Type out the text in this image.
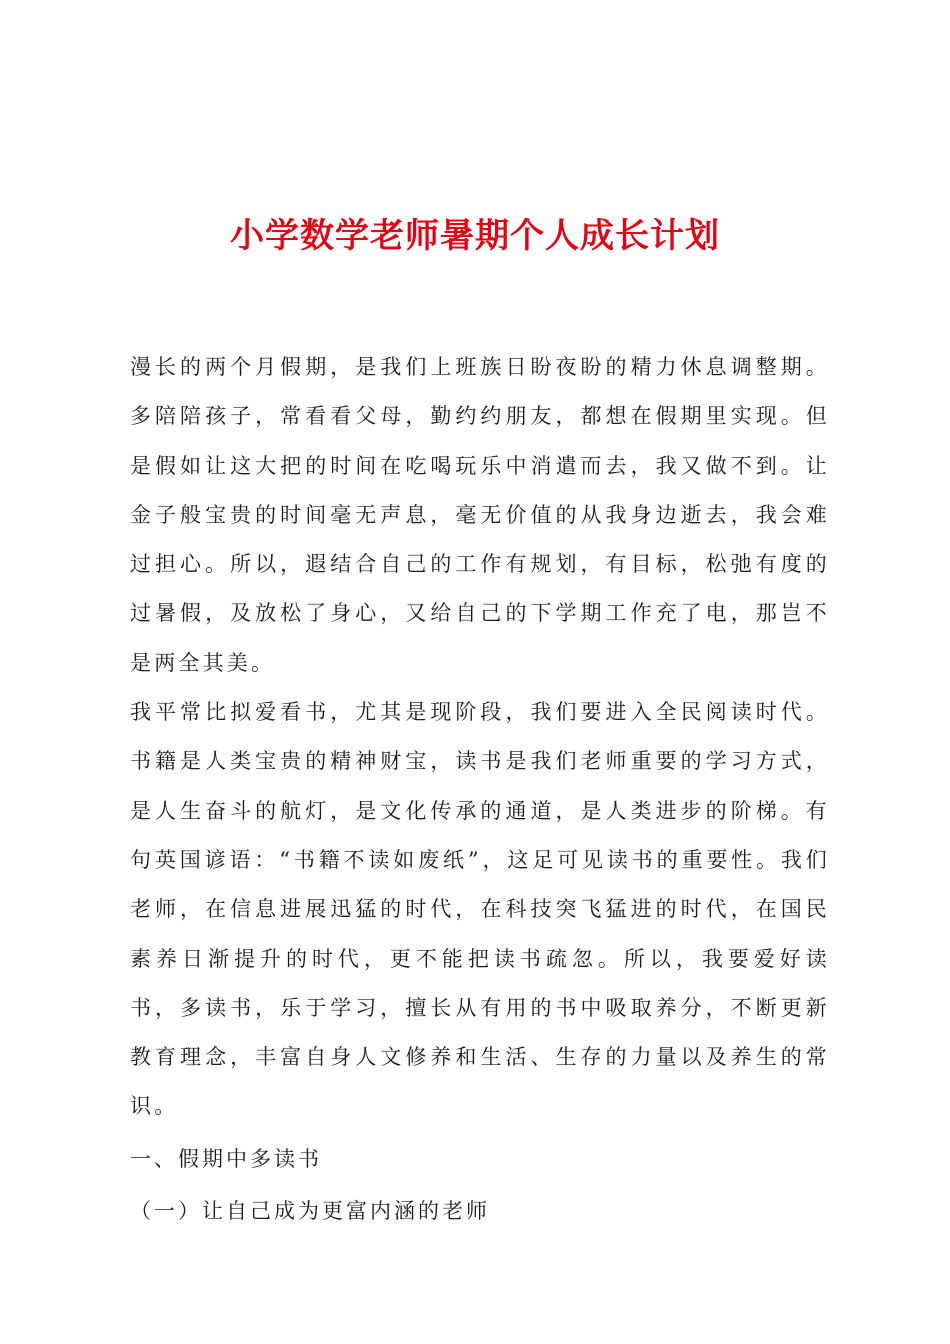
小学数学老师暑期个人成长计划

漫长的两个月假期，是我们上班族日盼夜盼的精力休息调整期。多陪陪孩子，常看看父母，勤约约朋友，都想在假期里实现。但是假如让这大把的时间在吃喝玩乐中消遣而去，我又做不到。让金子般宝贵的时间毫无声息，毫无价值的从我身边逝去，我会难过担心。所以，遐结合自己的工作有规划，有目标，松弛有度的过暑假，及放松了身心，又给自己的下学期工作充了电，那岂不是两全其美。

我平常比拟爱看书，尤其是现阶段，我们要进入全民阅读时代。书籍是人类宝贵的精神财宝，读书是我们老师重要的学习方式，是人生奋斗的航灯，是文化传承的通道，是人类进步的阶梯。有句英国谚语：“书籍不读如废纸”，这足可见读书的重要性。我们老师，在信息进展迅猛的时代，在科技突飞猛进的时代，在国民素养日渐提升的时代，更不能把读书疏忽。所以，我要爱好读书，多读书，乐于学习，擅长从有用的书中吸取养分，不断更新教育理念，丰富自身人文修养和生活、生存的力量以及养生的常识。

一、假期中多读书

（一）让自己成为更富内涵的老师
